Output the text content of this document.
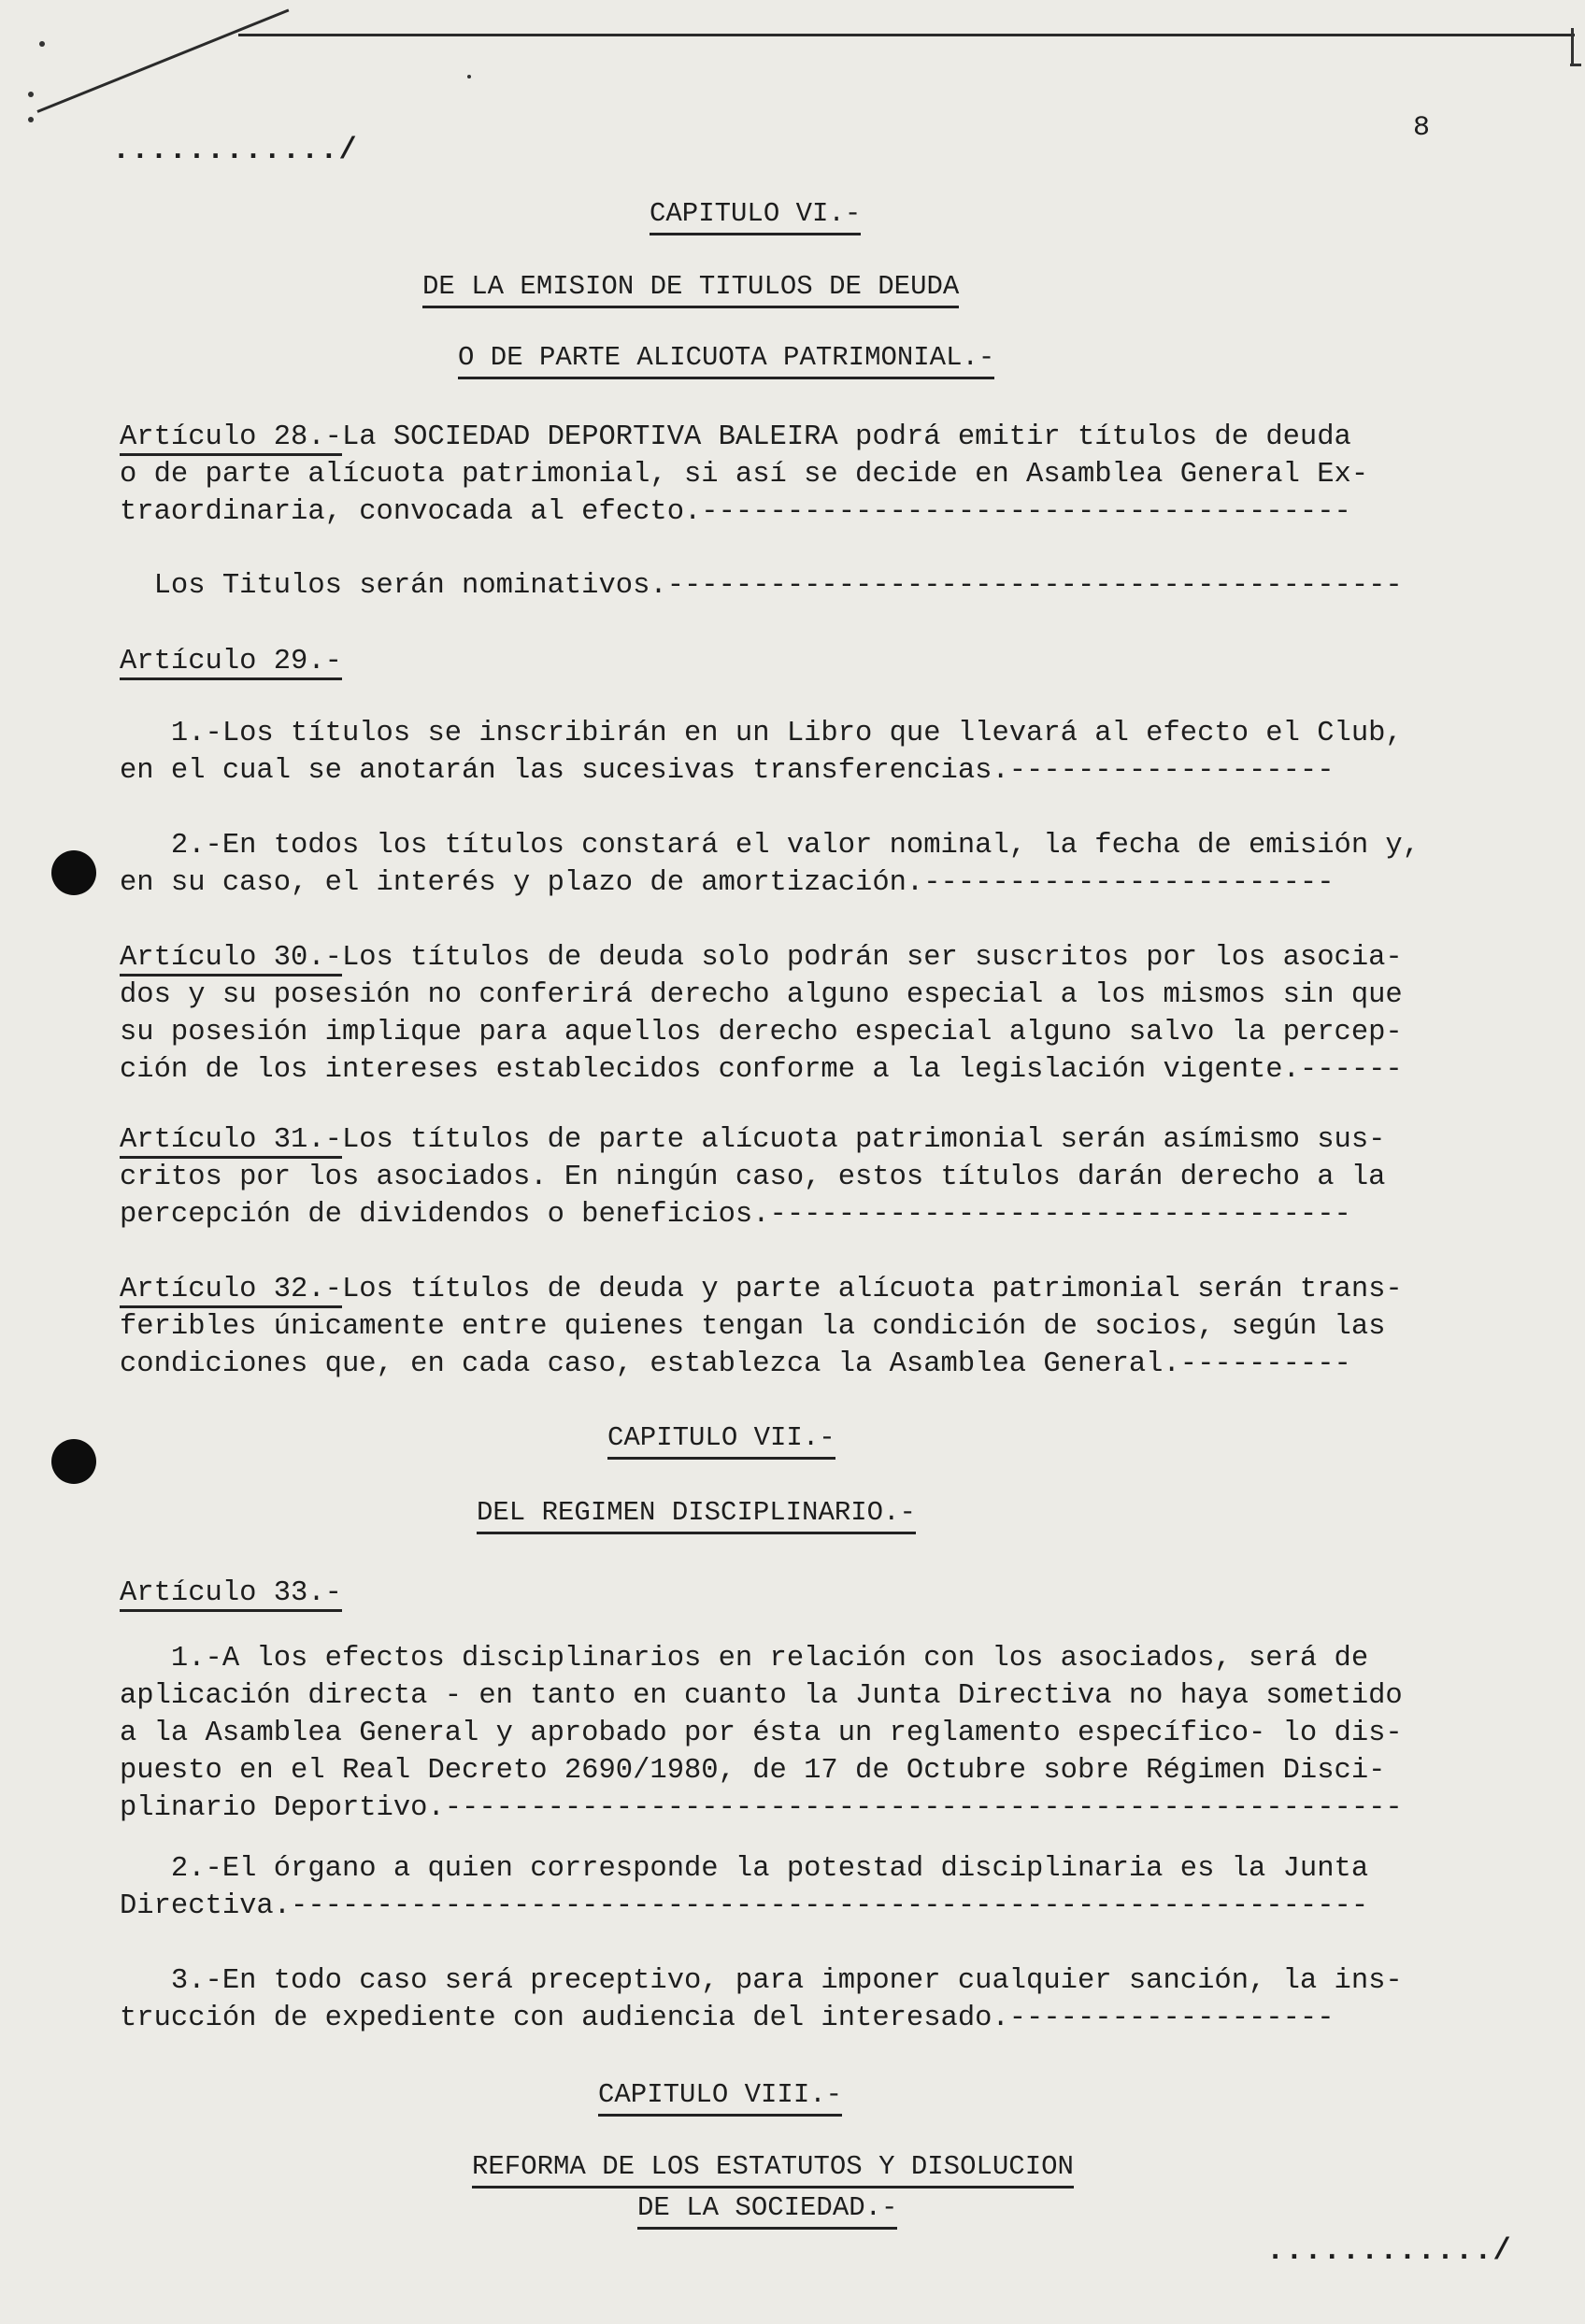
8
............/
CAPITULO VI.-
DE LA EMISION DE TITULOS DE DEUDA
O DE PARTE ALICUOTA PATRIMONIAL.-
Artículo 28.-La SOCIEDAD DEPORTIVA BALEIRA podrá emitir títulos de deuda
o de parte alícuota patrimonial, si así se decide en Asamblea General Ex-
traordinaria, convocada al efecto.--------------------------------------
Los Titulos serán nominativos.-------------------------------------------
Artículo 29.-
1.-Los títulos se inscribirán en un Libro que llevará al efecto el Club,
en el cual se anotarán las sucesivas transferencias.-------------------
2.-En todos los títulos constará el valor nominal, la fecha de emisión y,
en su caso, el interés y plazo de amortización.------------------------
Artículo 30.-Los títulos de deuda solo podrán ser suscritos por los asocia-
dos y su posesión no conferirá derecho alguno especial a los mismos sin que
su posesión implique para aquellos derecho especial alguno salvo la percep-
ción de los intereses establecidos conforme a la legislación vigente.------
Artículo 31.-Los títulos de parte alícuota patrimonial serán asímismo sus-
critos por los asociados. En ningún caso, estos títulos darán derecho a la
percepción de dividendos o beneficios.----------------------------------
Artículo 32.-Los títulos de deuda y parte alícuota patrimonial serán trans-
feribles únicamente entre quienes tengan la condición de socios, según las
condiciones que, en cada caso, establezca la Asamblea General.----------
CAPITULO VII.-
DEL REGIMEN DISCIPLINARIO.-
Artículo 33.-
1.-A los efectos disciplinarios en relación con los asociados, será de
aplicación directa - en tanto en cuanto la Junta Directiva no haya sometido
a la Asamblea General y aprobado por ésta un reglamento específico- lo dis-
puesto en el Real Decreto 2690/1980, de 17 de Octubre sobre Régimen Disci-
plinario Deportivo.--------------------------------------------------------
2.-El órgano a quien corresponde la potestad disciplinaria es la Junta
Directiva.---------------------------------------------------------------
3.-En todo caso será preceptivo, para imponer cualquier sanción, la ins-
trucción de expediente con audiencia del interesado.-------------------
CAPITULO VIII.-
REFORMA DE LOS ESTATUTOS Y DISOLUCION
DE LA SOCIEDAD.-
............/
